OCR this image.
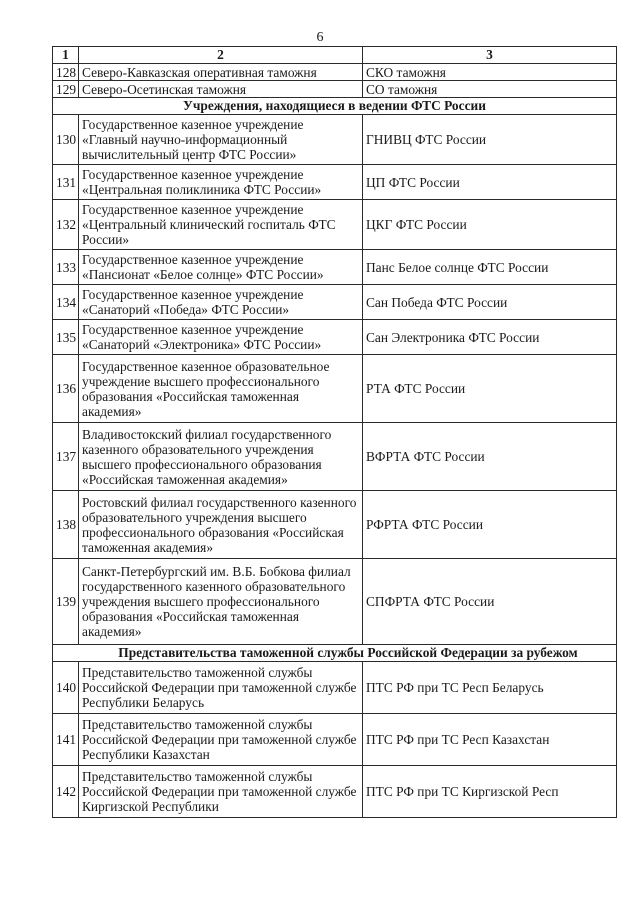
6
1	2	3
128	Северо-Кавказская оперативная таможня	СКО таможня
129	Северо-Осетинская таможня	СО таможня
Учреждения, находящиеся в ведении ФТС России		
130	Государственное казенное учреждение «Главный научно-информационный вычислительный центр ФТС России»	ГНИВЦ ФТС России
131	Государственное казенное учреждение «Центральная поликлиника ФТС России»	ЦП ФТС России
132	Государственное казенное учреждение «Центральный клинический госпиталь ФТС России»	ЦКГ ФТС России
133	Государственное казенное учреждение «Пансионат «Белое солнце» ФТС России»	Панс Белое солнце ФТС России
134	Государственное казенное учреждение «Санаторий «Победа» ФТС России»	Сан Победа ФТС России
135	Государственное казенное учреждение «Санаторий «Электроника» ФТС России»	Сан Электроника ФТС России
136	Государственное казенное образовательное учреждение высшего профессионального образования «Российская таможенная академия»	РТА ФТС России
137	Владивостокский филиал государственного казенного образовательного учреждения высшего профессионального образования «Российская таможенная академия»	ВФРТА ФТС России
138	Ростовский филиал государственного казенного образовательного учреждения высшего профессионального образования «Российская таможенная академия»	РФРТА ФТС России
139	Санкт-Петербургский им. В.Б. Бобкова филиал государственного казенного образовательного учреждения высшего профессионального образования «Российская таможенная академия»	СПФРТА ФТС России
Представительства таможенной службы Российской Федерации за рубежом		
140	Представительство таможенной службы Российской Федерации при таможенной службе Республики Беларусь	ПТС РФ при ТС Респ Беларусь
141	Представительство таможенной службы Российской Федерации при таможенной службе Республики Казахстан	ПТС РФ при ТС Респ Казахстан
142	Представительство таможенной службы Российской Федерации при таможенной службе Киргизской Республики	ПТС РФ при ТС Киргизской Респ
